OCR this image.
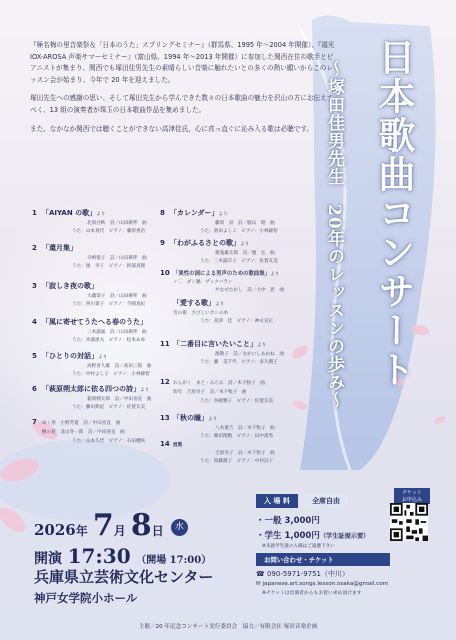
『極名梅の里音楽祭＆「日本のうた」スプリングセミナー』（群馬県、1995 年〜2004 年開催）、『福光 IOX-AROSA 声楽サマーセミナー』（富山県、1994 年〜2013 年開催）に参加した関西在住の歌手とピアニストが集まり、関西でも塚田佳男先生の素晴らしい音楽に触れたいとの多くの熱い願いからこのレッスン会が始まり、今年で 20 年を迎えました。

塚田先生への感謝の思い、そして塚田先生から学んできた数々の日本歌曲の魅力を沢山の方にお伝えすべく、13 組の演奏者が珠玉の日本歌曲作品を集めました。

また、なかなか関西では聴くことができない高津佳氏、心に真っ直ぐに沁み入る歌は必聴です。	日本歌曲コンサート
～塚田佳男先生　20年のレッスンの歩み～
1 「AIYAN の歌」より
北原白秋　詩／山田耕筰　曲
うた：山本真代　ピアノ：藤原香苗
2 「還月集」
寺崎悦子　詩／山田耕筰　曲
うた：渡　幸子　ピアノ：阿部真理
3 「寂しき夜の歌」
大蔵恭子　詩／山田耕筰　曲
うた：西川貴子　ピアノ：今園真紀
4 「風に寄せてうたへる春のうた」
三木露風　詩／山田耕筰　曲
うた：米満達夫　ピアノ：松本あゆ
5 「ひとりの対話」より
高野喜久雄　詩／高田三郎　曲
うた：中村よし子　ピアノ：小林庸智
6 「萩原朔太郎に依る四つの詩」より
萩原朔太郎　詩／中田喜直　曲
うた：藤田典紀　ピアノ：佐賀友美
7 ゆく春　小野芳寛　詩／中田喜直　曲
樹の花　北山冬一郎　詩／中田喜直　曲
うた：山本久代　ピアノ：石田穂咲
8 「カレンダー」より
藤原　泉　詩／服山　昭　曲
うた：倉田よしこ　ピアノ：小林庸智
9 「わがふるさとの歌」より
猪鬼雄太郎　詩／服　弘　曲
うた：三木露京子　ピアノ：佐賀友美
10 「異性の詞による男声のための歌曲集」より
ノ二　ダン鍋　ザックバラン
やなせたかし　詩／大中　恩　曲
「愛する歌」より
雪の街　さびしいカシの木
うた：高津　佳　ピアノ：神永宣正
11 「二番目に言いたいこと」より
渡敬子　詩／なかにしあかね　曲
うた：藤　美千代　ピアノ：多久潤子
12 おんがく　まど・みちお　詩／木下牧子　曲
幼年　吉原幸子　詩／木下牧子　曲
うた：谷綴雅子　ピアノ：佐賀友美
13 「秋の瞳」より
八木重吉　詩／木下牧子　曲
うた：翼田理勲　ピアノ：田中遥秀
14 混製
吉原幸子　詩／木下牧子　曲
うた：資藤喬子　ピアノ：中村詩子
2026年 7月 8日 水
開演 17:30 （開場 17:00）
兵庫県立芸術文化センター
神戸女学院小ホール
入 場 料	全席自由
チケット
お申込み
・一般 3,000円
・学生 1,000円（学生証提示要）
※未就学児童の入場はご遠慮下さい
お問い合わせ・チケット
☎ 090-5971-9751（中川）
✉ japanese.art.songs.lesson.osaka@gmail.com
※チケットは出演者からもお買い求め頂けます
主催／20 年記念コンサート実行委員会　協力／有限会社 塚田音楽企画
